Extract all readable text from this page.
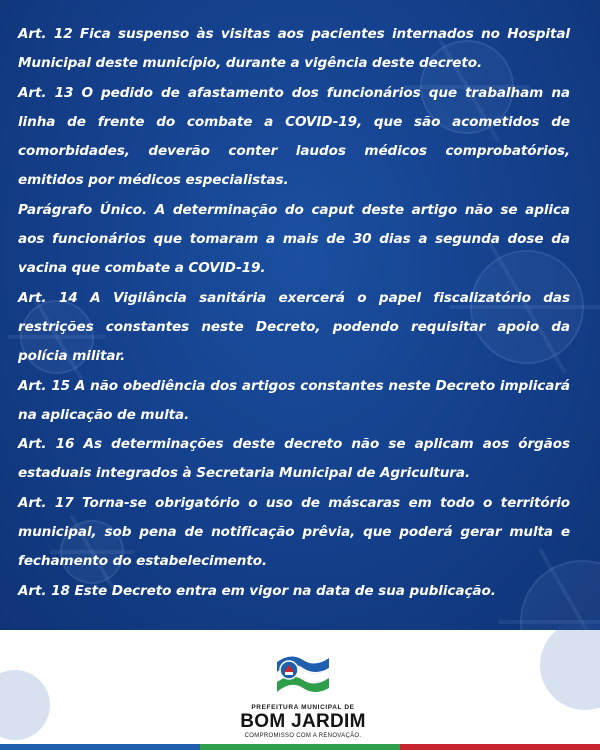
Art. 12 Fica suspenso às visitas aos pacientes internados no Hospital Municipal deste município, durante a vigência deste decreto.

Art. 13 O pedido de afastamento dos funcionários que trabalham na linha de frente do combate a COVID-19, que são acometidos de comorbidades, deverão conter laudos médicos comprobatórios, emitidos por médicos especialistas.

Parágrafo Único. A determinação do caput deste artigo não se aplica aos funcionários que tomaram a mais de 30 dias a segunda dose da vacina que combate a COVID-19.

Art. 14 A Vigilância sanitária exercerá o papel fiscalizatório das restrições constantes neste Decreto, podendo requisitar apoio da polícia militar.

Art. 15 A não obediência dos artigos constantes neste Decreto implicará na aplicação de multa.

Art. 16 As determinações deste decreto não se aplicam aos órgãos estaduais integrados à Secretaria Municipal de Agricultura.

Art. 17 Torna-se obrigatório o uso de máscaras em todo o território municipal, sob pena de notificação prêvia, que poderá gerar multa e fechamento do estabelecimento.

Art. 18 Este Decreto entra em vigor na data de sua publicação.

PREFEITURA MUNICIPAL DE
BOM JARDIM
COMPROMISSO COM A RENOVAÇÃO.
